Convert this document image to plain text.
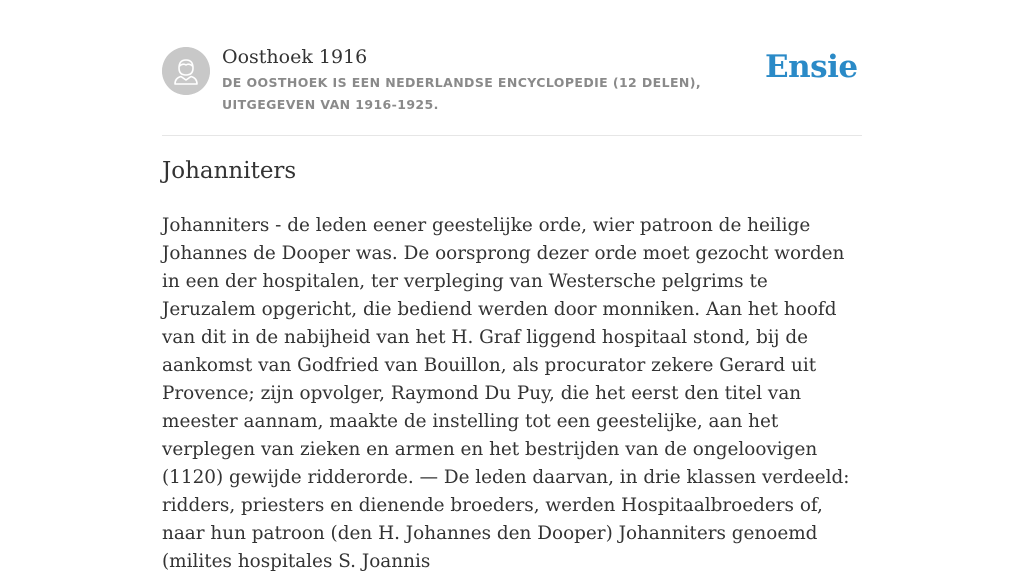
Oosthoek 1916
DE OOSTHOEK IS EEN NEDERLANDSE ENCYCLOPEDIE (12 DELEN), UITGEGEVEN VAN 1916-1925.
Ensie
Johanniters

Johanniters - de leden eener geestelijke orde, wier patroon de heilige Johannes de Dooper was. De oorsprong dezer orde moet gezocht worden in een der hospitalen, ter verpleging van Westersche pelgrims te Jeruzalem opgericht, die bediend werden door monniken. Aan het hoofd van dit in de nabijheid van het H. Graf liggend hospitaal stond, bij de aankomst van Godfried van Bouillon, als procurator zekere Gerard uit Provence; zijn opvolger, Raymond Du Puy, die het eerst den titel van meester aannam, maakte de instelling tot een geestelijke, aan het verplegen van zieken en armen en het bestrijden van de ongeloovigen (1120) gewijde ridderorde. — De leden daarvan, in drie klassen verdeeld: ridders, priesters en dienende broeders, werden Hospitaalbroeders of, naar hun patroon (den H. Johannes den Dooper) Johanniters genoemd (milites hospitales S. Joannis
